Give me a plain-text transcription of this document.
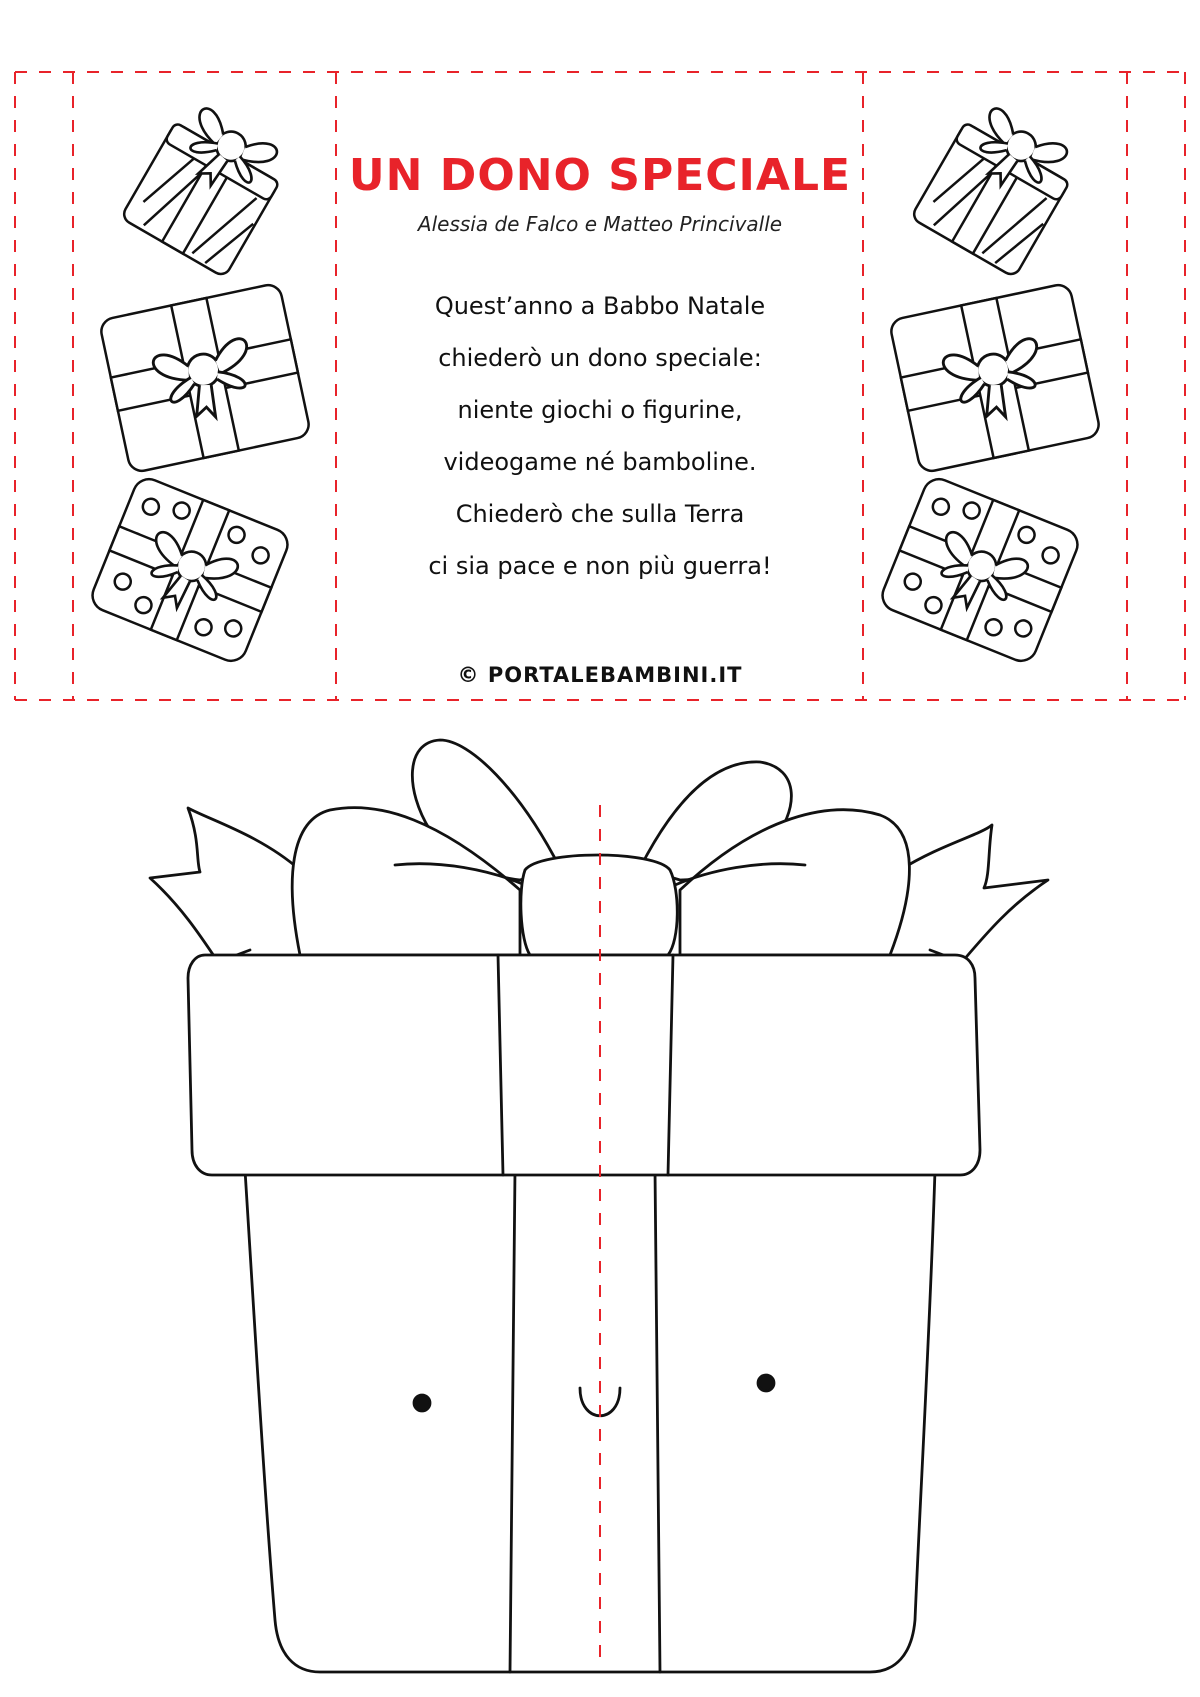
UN DONO SPECIALE
Alessia de Falco e Matteo Princivalle
Quest’anno a Babbo Natale
chiederò un dono speciale:
niente giochi o figurine,
videogame né bamboline.
Chiederò che sulla Terra
ci sia pace e non più guerra!
© PORTALEBAMBINI.IT
